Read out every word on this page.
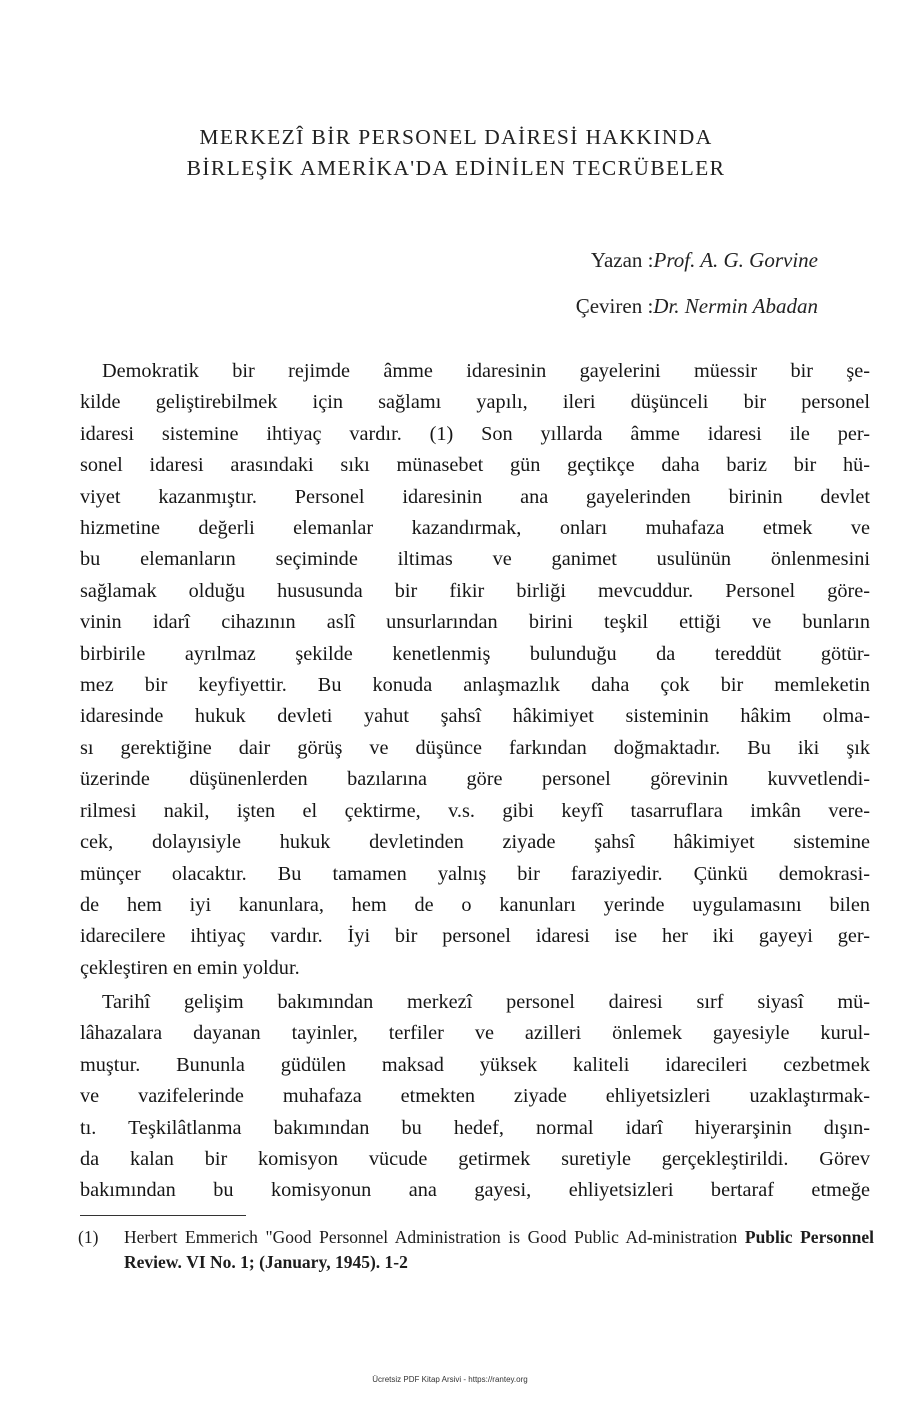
MERKEZÎ BİR PERSONEL DAİRESİ HAKKINDA
BİRLEŞİK AMERİKA'DA EDİNİLEN TECRÜBELER
Yazan :Prof. A. G. Gorvine
Çeviren :Dr. Nermin Abadan
Demokratik bir rejimde âmme idaresinin gayelerini müessir bir şe-
kilde geliştirebilmek için sağlamı yapılı, ileri düşünceli bir personel
idaresi sistemine ihtiyaç vardır. (1) Son yıllarda âmme idaresi ile per-
sonel idaresi arasındaki sıkı münasebet gün geçtikçe daha bariz bir hü-
viyet kazanmıştır. Personel idaresinin ana gayelerinden birinin devlet
hizmetine değerli elemanlar kazandırmak, onları muhafaza etmek ve
bu elemanların seçiminde iltimas ve ganimet usulünün önlenmesini
sağlamak olduğu hususunda bir fikir birliği mevcuddur. Personel göre-
vinin idarî cihazının aslî unsurlarından birini teşkil ettiği ve bunların
birbirile ayrılmaz şekilde kenetlenmiş bulunduğu da tereddüt götür-
mez bir keyfiyettir. Bu konuda anlaşmazlık daha çok bir memleketin
idaresinde hukuk devleti yahut şahsî hâkimiyet sisteminin hâkim olma-
sı gerektiğine dair görüş ve düşünce farkından doğmaktadır. Bu iki şık
üzerinde düşünenlerden bazılarına göre personel görevinin kuvvetlendi-
rilmesi nakil, işten el çektirme, v.s. gibi keyfî tasarruflara imkân vere-
cek, dolayısiyle hukuk devletinden ziyade şahsî hâkimiyet sistemine
münçer olacaktır. Bu tamamen yalnış bir faraziyedir. Çünkü demokrasi-
de hem iyi kanunlara, hem de o kanunları yerinde uygulamasını bilen
idarecilere ihtiyaç vardır. İyi bir personel idaresi ise her iki gayeyi ger-
çekleştiren en emin yoldur.
Tarihî gelişim bakımından merkezî personel dairesi sırf siyasî mü-
lâhazalara dayanan tayinler, terfiler ve azilleri önlemek gayesiyle kurul-
muştur. Bununla güdülen maksad yüksek kaliteli idarecileri cezbetmek
ve vazifelerinde muhafaza etmekten ziyade ehliyetsizleri uzaklaştırmak-
tı. Teşkilâtlanma bakımından bu hedef, normal idarî hiyerarşinin dışın-
da kalan bir komisyon vücude getirmek suretiyle gerçekleştirildi. Görev
bakımından bu komisyonun ana gayesi, ehliyetsizleri bertaraf etmeğe
(1)	Herbert Emmerich "Good Personnel Administration is Good Public Ad-ministration Public Personnel Review. VI No. 1; (January, 1945). 1-2
Ücretsiz PDF Kitap Arsivi - https://rantey.org
